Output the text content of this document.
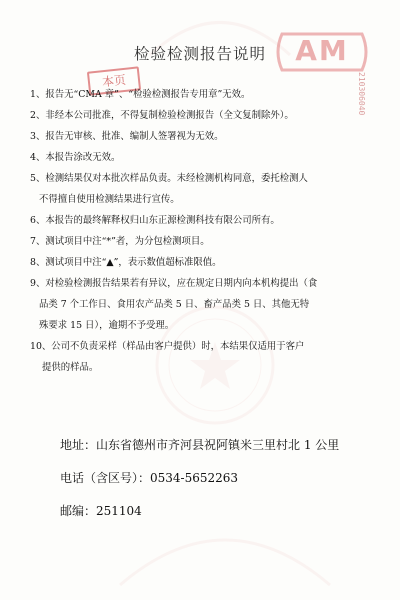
AM
210306040
本页
检验检测报告说明

1、报告无“CMA 章”、“检验检测报告专用章”无效。

2、非经本公司批准，不得复制检验检测报告（全文复制除外）。

3、报告无审核、批准、编制人签署视为无效。

4、本报告涂改无效。

5、检测结果仅对本批次样品负责。未经检测机构同意，委托检测人

不得擅自使用检测结果进行宣传。

6、本报告的最终解释权归山东正源检测科技有限公司所有。

7、测试项目中注“*”者，为分包检测项目。

8、测试项目中注“▲”，表示数值超标准限值。

9、对检验检测报告结果若有异议，应在规定日期内向本机构提出（食

品类 7 个工作日、食用农产品类 5 日、畜产品类 5 日、其他无特

殊要求 15 日），逾期不予受理。

10、公司不负责采样（样品由客户提供）时，本结果仅适用于客户

提供的样品。

地址：山东省德州市齐河县祝阿镇米三里村北 1 公里
电话（含区号）：0534-5652263
邮编：251104
